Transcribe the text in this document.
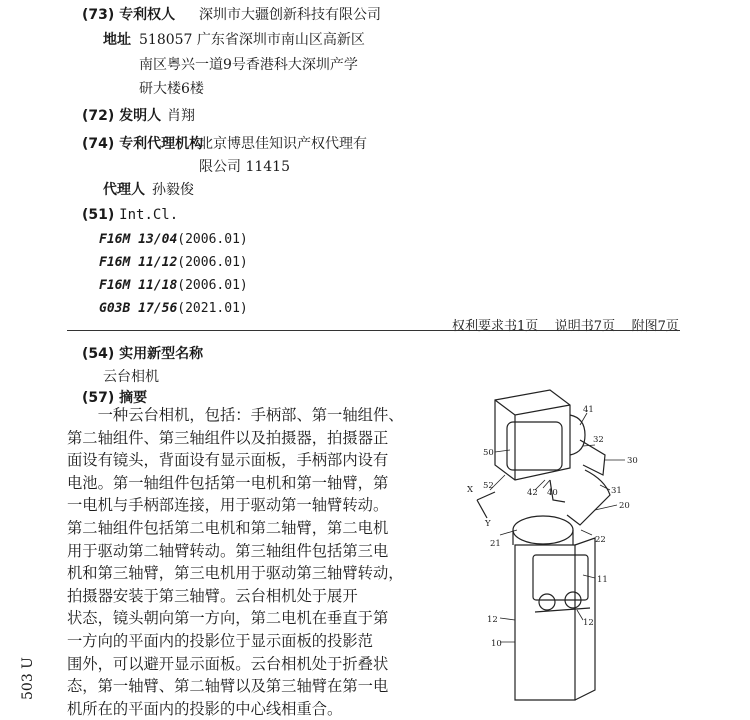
(73) 专利权人 深圳市大疆创新科技有限公司
地址 518057 广东省深圳市南山区高新区
南区粤兴一道9号香港科大深圳产学
研大楼6楼
(72) 发明人 肖翔
(74) 专利代理机构
北京博思佳知识产权代理有
限公司 11415
代理人 孙毅俊
(51) Int.Cl.
F16M 13/04(2006.01)
F16M 11/12(2006.01)
F16M 11/18(2006.01)
G03B 17/56(2021.01)
权利要求书1页    说明书7页    附图7页
(54) 实用新型名称
云台相机
(57) 摘要
　　一种云台相机，包括：手柄部、第一轴组件、
第二轴组件、第三轴组件以及拍摄器，拍摄器正
面设有镜头，背面设有显示面板，手柄部内设有
电池。第一轴组件包括第一电机和第一轴臂，第
一电机与手柄部连接，用于驱动第一轴臂转动。
第二轴组件包括第二电机和第二轴臂，第二电机
用于驱动第二轴臂转动。第三轴组件包括第三电
机和第三轴臂，第三电机用于驱动第三轴臂转动，
拍摄器安装于第三轴臂。云台相机处于展开
状态，镜头朝向第一方向，第二电机在垂直于第
一方向的平面内的投影位于显示面板的投影范
围外，可以避开显示面板。云台相机处于折叠状
态，第一轴臂、第二轴臂以及第三轴臂在第一电
机所在的平面内的投影的中心线相重合。
503 U
41
32
30
50
52
42 40	31
20
X
Y
21	22
11
12	12
10
